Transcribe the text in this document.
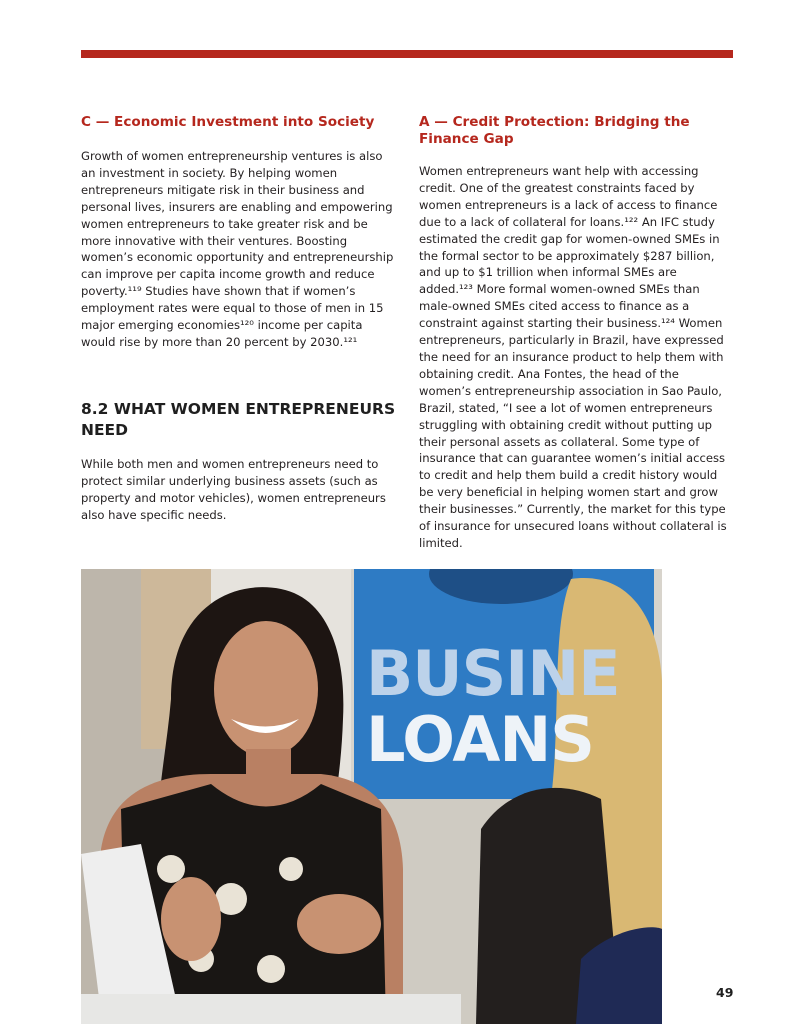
C — Economic Investment into Society

Growth of women entrepreneurship ventures is also an investment in society. By helping women entrepreneurs mitigate risk in their business and personal lives, insurers are enabling and empowering women entrepreneurs to take greater risk and be more innovative with their ventures. Boosting women’s economic opportunity and entrepreneurship can improve per capita income growth and reduce poverty.¹¹⁹ Studies have shown that if women’s employment rates were equal to those of men in 15 major emerging economies¹²⁰ income per capita would rise by more than 20 percent by 2030.¹²¹

8.2 WHAT WOMEN ENTREPRENEURS NEED

While both men and women entrepreneurs need to protect similar underlying business assets (such as property and motor vehicles), women entrepreneurs also have specific needs.

A — Credit Protection: Bridging the Finance Gap

Women entrepreneurs want help with accessing credit. One of the greatest constraints faced by women entrepreneurs is a lack of access to finance due to a lack of collateral for loans.¹²² An IFC study estimated the credit gap for women-owned SMEs in the formal sector to be approximately $287 billion, and up to $1 trillion when informal SMEs are added.¹²³ More formal women-owned SMEs than male-owned SMEs cited access to finance as a constraint against starting their business.¹²⁴ Women entrepreneurs, particularly in Brazil, have expressed the need for an insurance product to help them with obtaining credit. Ana Fontes, the head of the women’s entrepreneurship association in Sao Paulo, Brazil, stated, “I see a lot of women entrepreneurs struggling with obtaining credit without putting up their personal assets as collateral. Some type of insurance that can guarantee women’s initial access to credit and help them build a credit history would be very beneficial in helping women start and grow their businesses.” Currently, the market for this type of insurance for unsecured loans without collateral is limited.

BUSINE
LOANS
49
